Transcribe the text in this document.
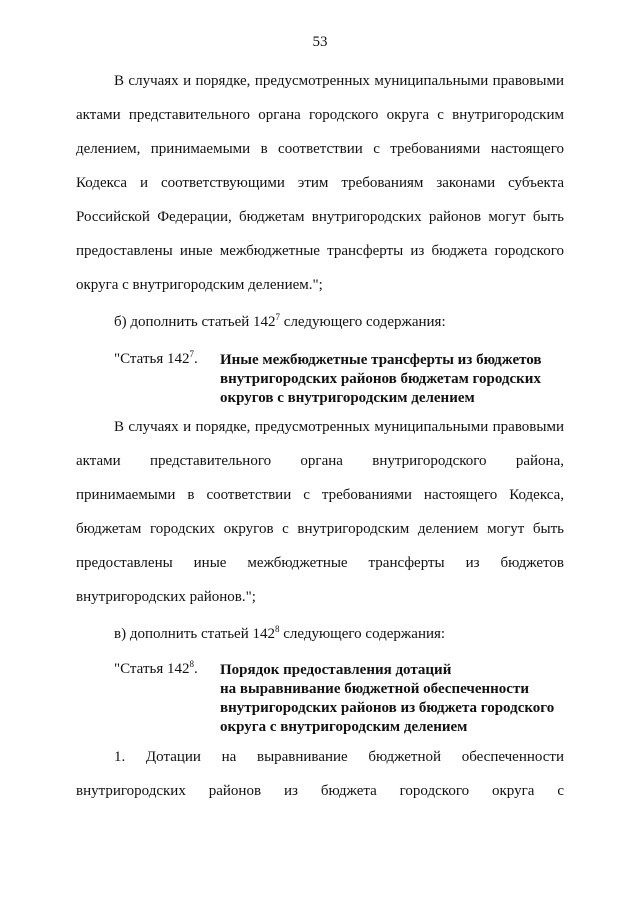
53
В случаях и порядке, предусмотренных муниципальными правовыми
актами представительного органа городского округа с внутригородским
делением, принимаемыми в соответствии с требованиями настоящего
Кодекса и соответствующими этим требованиям законами субъекта
Российской Федерации, бюджетам внутригородских районов могут быть
предоставлены иные межбюджетные трансферты из бюджета городского
округа с внутригородским делением.";
б) дополнить статьей $142^7$ следующего содержания:
"Статья $142^7$. Иные межбюджетные трансферты из бюджетов
внутригородских районов бюджетам городских
округов с внутригородским делением
В случаях и порядке, предусмотренных муниципальными правовыми
актами представительного органа внутригородского района,
принимаемыми в соответствии с требованиями настоящего Кодекса,
бюджетам городских округов с внутригородским делением могут быть
предоставлены иные межбюджетные трансферты из бюджетов
внутригородских районов.";
в) дополнить статьей $142^8$ следующего содержания:
"Статья $142^8$. Порядок предоставления дотаций
на выравнивание бюджетной обеспеченности
внутригородских районов из бюджета городского
округа с внутригородским делением
1. Дотации на выравнивание бюджетной обеспеченности
внутригородских районов из бюджета городского округа с
